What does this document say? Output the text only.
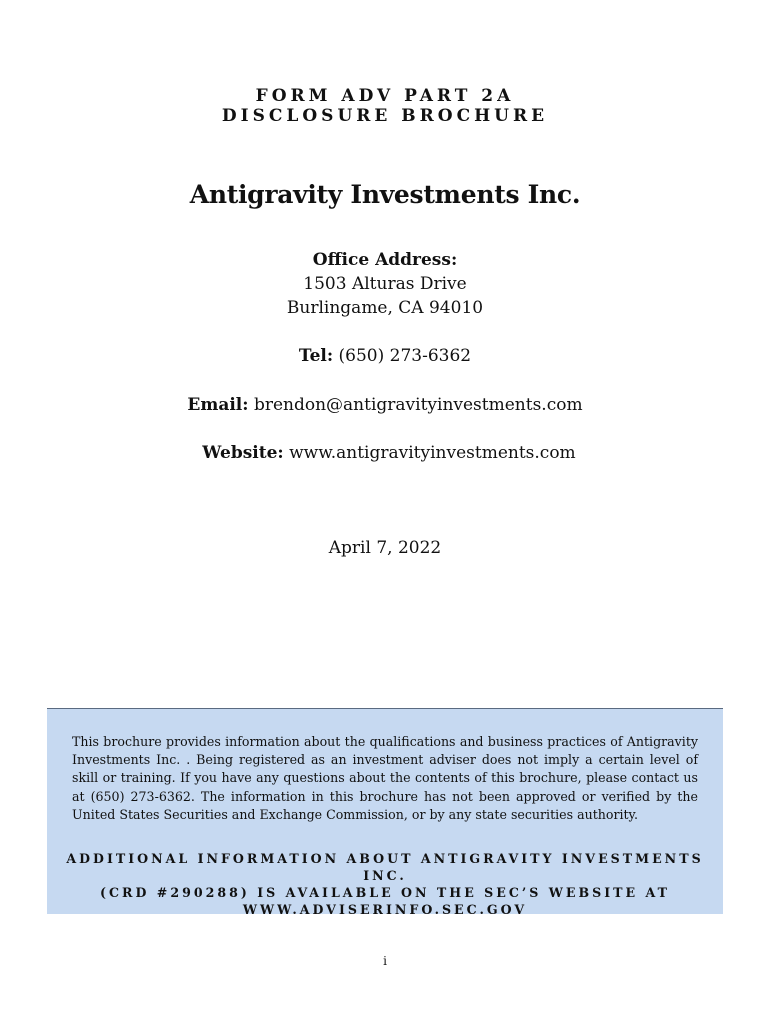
FORM ADV PART 2A
DISCLOSURE BROCHURE
Antigravity Investments Inc.
Office Address:
1503 Alturas Drive
Burlingame, CA 94010
Tel: (650) 273-6362
Email: brendon@antigravityinvestments.com
Website: www.antigravityinvestments.com
April 7, 2022
This brochure provides information about the qualifications and business practices of Antigravity Investments Inc. . Being registered as an investment adviser does not imply a certain level of skill or training. If you have any questions about the contents of this brochure, please contact us at (650) 273-6362. The information in this brochure has not been approved or verified by the United States Securities and Exchange Commission, or by any state securities authority.
ADDITIONAL INFORMATION ABOUT ANTIGRAVITY INVESTMENTS INC.
(CRD #290288) IS AVAILABLE ON THE SEC’S WEBSITE AT
WWW.ADVISERINFO.SEC.GOV
i
